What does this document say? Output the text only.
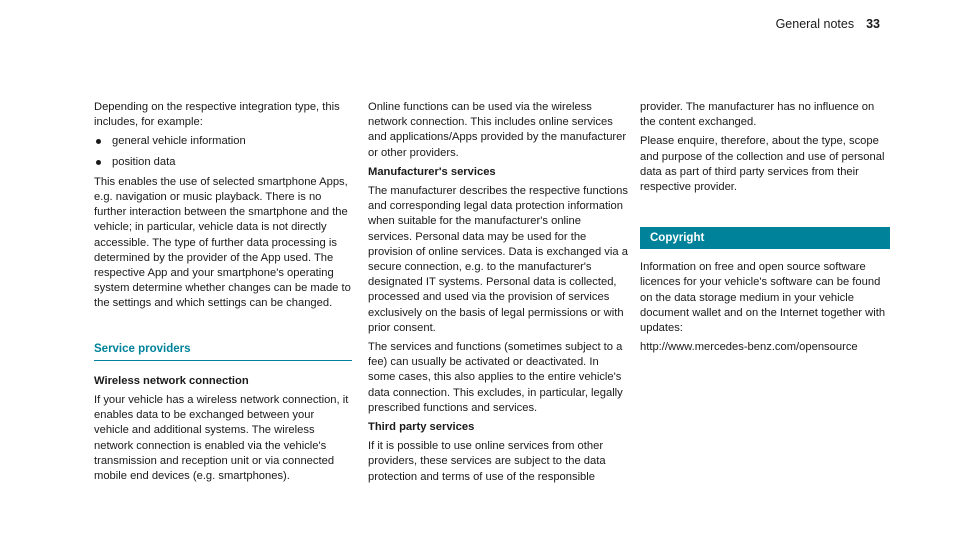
General notes 33

Depending on the respective integration type, this includes, for example:

general vehicle information
position data

This enables the use of selected smartphone Apps, e.g. navigation or music playback. There is no further interaction between the smartphone and the vehicle; in particular, vehicle data is not directly accessible. The type of further data processing is determined by the provider of the App used. The respective App and your smartphone's operating system determine whether changes can be made to the settings and which settings can be changed.

Service providers

Wireless network connection

If your vehicle has a wireless network connection, it enables data to be exchanged between your vehicle and additional systems. The wireless network connection is enabled via the vehicle's transmission and reception unit or via connected mobile end devices (e.g. smartphones).

Online functions can be used via the wireless network connection. This includes online services and applications/Apps provided by the manufacturer or other providers.

Manufacturer's services

The manufacturer describes the respective functions and corresponding legal data protection information when suitable for the manufacturer's online services. Personal data may be used for the provision of online services. Data is exchanged via a secure connection, e.g. to the manufacturer's designated IT systems. Personal data is collected, processed and used via the provision of services exclusively on the basis of legal permissions or with prior consent.

The services and functions (sometimes subject to a fee) can usually be activated or deactivated. In some cases, this also applies to the entire vehicle's data connection. This excludes, in particular, legally prescribed functions and services.

Third party services

If it is possible to use online services from other providers, these services are subject to the data protection and terms of use of the responsible

provider. The manufacturer has no influence on the content exchanged.

Please enquire, therefore, about the type, scope and purpose of the collection and use of personal data as part of third party services from their respective provider.

Copyright

Information on free and open source software licences for your vehicle's software can be found on the data storage medium in your vehicle document wallet and on the Internet together with updates:

http://www.mercedes-benz.com/opensource
